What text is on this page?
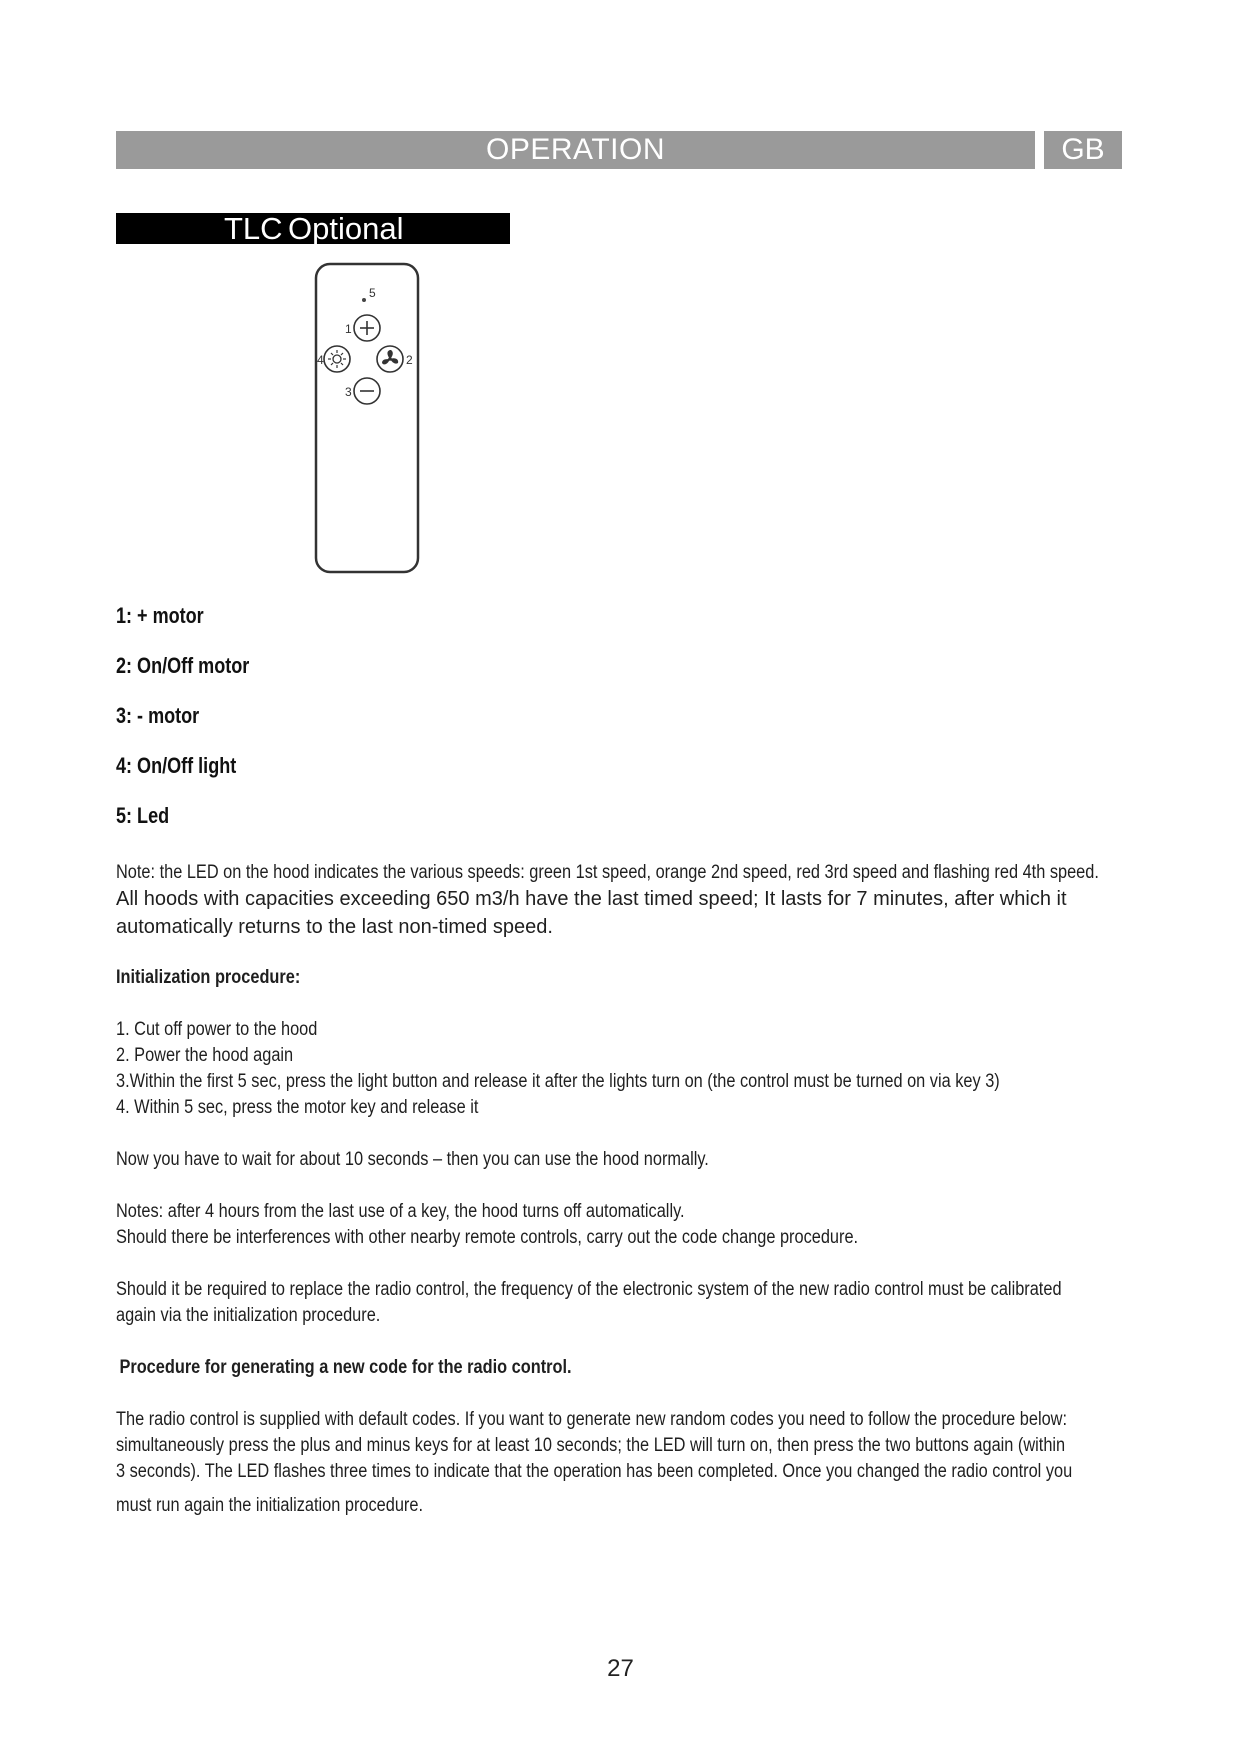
OPERATION	GB
TLC Optional
5
1
4	2
3
1: + motor
2: On/Off motor
3: - motor
4: On/Off light
5: Led
Note: the LED on the hood indicates the various speeds: green 1st speed, orange 2nd speed, red 3rd speed and flashing red 4th speed.
All hoods with capacities exceeding 650 m3/h have the last timed speed; It lasts for 7 minutes, after which it automatically returns to the last non-timed speed.
Initialization procedure:
1. Cut off power to the hood
2. Power the hood again
3.Within the first 5 sec, press the light button and release it after the lights turn on (the control must be turned on via key 3)
4. Within 5 sec, press the motor key and release it
Now you have to wait for about 10 seconds – then you can use the hood normally.
Notes: after 4 hours from the last use of a key, the hood turns off automatically.
Should there be interferences with other nearby remote controls, carry out the code change procedure.
Should it be required to replace the radio control, the frequency of the electronic system of the new radio control must be calibrated
again via the initialization procedure.
Procedure for generating a new code for the radio control.
The radio control is supplied with default codes. If you want to generate new random codes you need to follow the procedure below:
simultaneously press the plus and minus keys for at least 10 seconds; the LED will turn on, then press the two buttons again (within
3 seconds). The LED flashes three times to indicate that the operation has been completed. Once you changed the radio control you
must run again the initialization procedure.
27
